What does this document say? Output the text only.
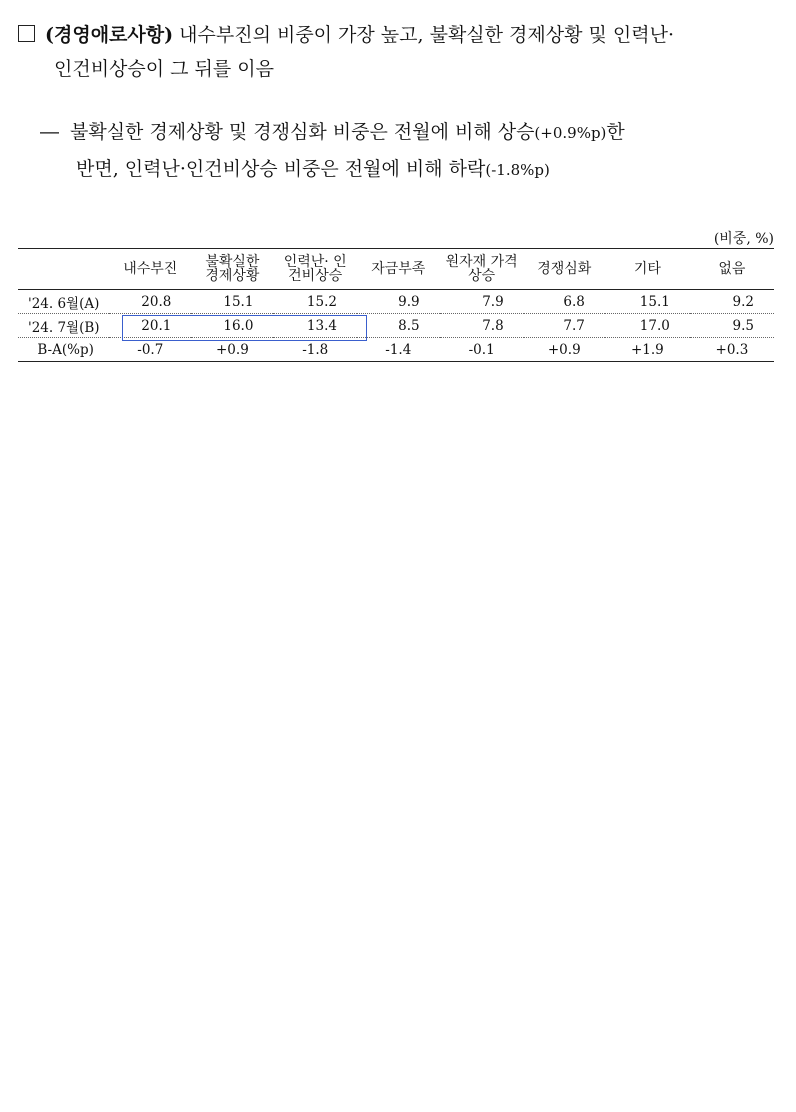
(경영애로사항) 내수부진의 비중이 가장 높고, 불확실한 경제상황 및 인력난·
인건비상승이 그 뒤를 이음
― 불확실한 경제상황 및 경쟁심화 비중은 전월에 비해 상승(+0.9%p)한
반면, 인력난·인건비상승 비중은 전월에 비해 하락(-1.8%p)
(비중, %)
	내수부진	불확실한 경제상황	인력난· 인건비상승	자금부족	원자재 가격상승	경쟁심화	기타	없음
'24. 6월(A)	20.8	15.1	15.2	9.9	7.9	6.8	15.1	9.2
'24. 7월(B)	20.1	16.0	13.4	8.5	7.8	7.7	17.0	9.5
B-A(%p)	-0.7	+0.9	-1.8	-1.4	-0.1	+0.9	+1.9	+0.3
